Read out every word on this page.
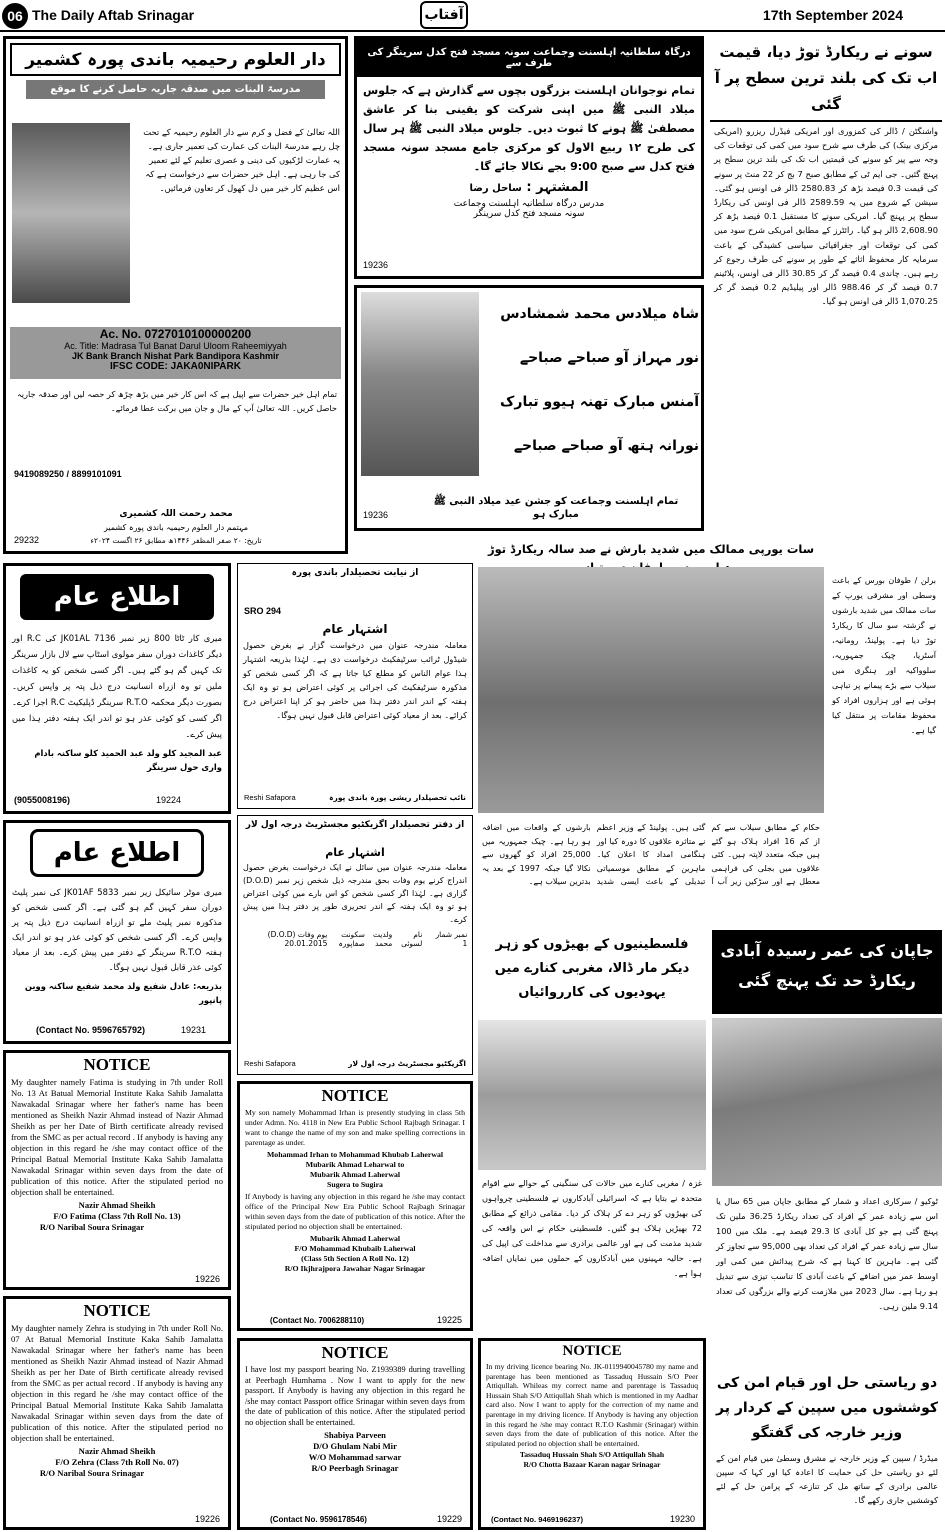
06 The Daily Aftab Srinagar	آفتاب	17th September 2024
دار العلوم رحیمیہ باندی پورہ کشمیر
مدرسۃ البنات میں صدقہ جاریہ حاصل کرنے کا موقع

اللہ تعالیٰ کے فضل و کرم سے دار العلوم رحیمیہ کے تحت چل رہے مدرسۃ البنات کی عمارت کی تعمیر جاری ہے۔ یہ عمارت لڑکیوں کی دینی و عصری تعلیم کے لئے تعمیر کی جا رہی ہے۔ اہل خیر حضرات سے درخواست ہے کہ اس عظیم کار خیر میں دل کھول کر تعاون فرمائیں۔

Ac. No. 0727010100000200
Ac. Title: Madrasa Tul Banat Darul Uloom Raheemiyyah
JK Bank Branch Nishat Park Bandipora Kashmir
IFSC CODE: JAKA0NIPARK

تمام اہل خیر حضرات سے اپیل ہے کہ اس کار خیر میں بڑھ چڑھ کر حصہ لیں اور صدقہ جاریہ حاصل کریں۔ اللہ تعالیٰ آپ کے مال و جان میں برکت عطا فرمائے۔

9419089250 / 8899101091
محمد رحمت اللہ کشمیری
مہتمم دار العلوم رحیمیہ باندی پورہ کشمیر
تاریخ: ۲۰ صفر المظفر ۱۴۴۶ھ مطابق ۲۶ اگست ۲۰۲۴ء
29232
درگاہ سلطانیہ اہلسنت وجماعت سونہ مسجد فتح کدل سرینگر کی طرف سے

تمام نوجوانان اہلسنت بزرگوں بچوں سے گذارش ہے کہ جلوس میلاد النبی ﷺ میں اپنی شرکت کو یقینی بنا کر عاشق مصطفیٰ ﷺ ہونے کا ثبوت دیں۔ جلوس میلاد النبی ﷺ ہر سال کی طرح ۱۲ ربیع الاول کو مرکزی جامع مسجد سونہ مسجد فتح کدل سے صبح 9:00 بجے نکالا جائے گا۔

المشتہر : ساحل رضا
مدرس درگاہ سلطانیہ اہلسنت وجماعت
سونہ مسجد فتح کدل سرینگر
19236
شاہ میلادس محمد شمشادس
نور مہراز آو صباحے صباحے
آمنس مبارک تھنہ ہیوو تبارک
نورانہ ہتھ آو صباحے صباحے
تمام اہلسنت وجماعت کو جشن عید میلاد النبی ﷺ مبارک ہو
19236
سونے نے ریکارڈ توڑ دیا، قیمت اب تک کی بلند ترین سطح پر آ گئی

واشنگٹن / ڈالر کی کمزوری اور امریکی فیڈرل ریزرو (امریکی مرکزی بینک) کی طرف سے شرح سود میں کمی کی توقعات کی وجہ سے پیر کو سونے کی قیمتیں اب تک کی بلند ترین سطح پر پہنچ گئیں۔ جی ایم ٹی کے مطابق صبح 7 بج کر 22 منٹ پر سونے کی قیمت 0.3 فیصد بڑھ کر 2580.83 ڈالر فی اونس ہو گئی۔ سیشن کے شروع میں یہ 2589.59 ڈالر فی اونس کی ریکارڈ سطح پر پہنچ گیا۔ امریکی سونے کا مستقبل 0.1 فیصد بڑھ کر 2,608.90 ڈالر ہو گیا۔ رائٹرز کے مطابق امریکی شرح سود میں کمی کی توقعات اور جغرافیائی سیاسی کشیدگی کے باعث سرمایہ کار محفوظ اثاثے کے طور پر سونے کی طرف رجوع کر رہے ہیں۔ چاندی 0.4 فیصد گر کر 30.85 ڈالر فی اونس، پلاٹینم 0.7 فیصد گر کر 988.46 ڈالر اور پیلیڈیم 0.2 فیصد گر کر 1,070.25 ڈالر فی اونس ہو گیا۔

اطلاع عام

میری کار ٹاٹا 800 زیر نمبر JK01AL 7136 کی R.C اور دیگر کاغذات دوران سفر مولوی اسٹاپ سے لال بازار سرینگر تک کہیں گم ہو گئے ہیں۔ اگر کسی شخص کو یہ کاغذات ملیں تو وہ ازراہ انسانیت درج ذیل پتہ پر واپس کریں۔ بصورت دیگر محکمہ R.T.O سرینگر ڈپلیکیٹ R.C اجرا کرے۔ اگر کسی کو کوئی عذر ہو تو اندر ایک ہفتہ دفتر ہذا میں پیش کرے۔

عبد المجید کلو ولد عبد الحمید کلو ساکنہ بادام واری حول سرینگر

(9055008196)	19224
اطلاع عام

میری موٹر سائیکل زیر نمبر JK01AF 5833 کی نمبر پلیٹ دوران سفر کہیں گم ہو گئی ہے۔ اگر کسی شخص کو مذکورہ نمبر پلیٹ ملے تو ازراہ انسانیت درج ذیل پتہ پر واپس کرے۔ اگر کسی شخص کو کوئی عذر ہو تو اندر ایک ہفتہ R.T.O سرینگر کے دفتر میں پیش کرے۔ بعد از معیاد کوئی عذر قابل قبول نہیں ہوگا۔

بذریعہ: عادل شفیع ولد محمد شفیع ساکنہ ووین پانپور

(Contact No. 9596765792)	19231
از نیابت تحصیلدار باندی پورہ
SRO 294
اشتہار عام

معاملہ مندرجہ عنوان میں درخواست گزار نے بغرض حصول شیڈول ٹرائب سرٹیفکیٹ درخواست دی ہے۔ لہٰذا بذریعہ اشتہار ہذا عوام الناس کو مطلع کیا جاتا ہے کہ اگر کسی شخص کو مذکورہ سرٹیفکیٹ کی اجرائی پر کوئی اعتراض ہو تو وہ ایک ہفتہ کے اندر اندر دفتر ہذا میں حاضر ہو کر اپنا اعتراض درج کرائے۔ بعد از معیاد کوئی اعتراض قابل قبول نہیں ہوگا۔

نائب تحصیلدار ریشی پورہ باندی پورہ
Reshi Safapora
از دفتر تحصیلدار اگزیکٹیو مجسٹریٹ درجہ اول لار
اشتہار عام

معاملہ مندرجہ عنوان میں سائل نے ایک درخواست بغرض حصول اندراج کرنے یوم وفات بحق مندرجہ ذیل شخص زیر نمبر (D.O.D) گزاری ہے۔ لہٰذا اگر کسی شخص کو اس بارے میں کوئی اعتراض ہو تو وہ ایک ہفتہ کے اندر تحریری طور پر دفتر ہذا میں پیش کرے۔

نمبر شمار	نام	ولدیت	سکونت	یوم وفات (D.O.D)
1	لسوئی	محمد	صفاپورہ	20.01.2015
اگزیکٹیو مجسٹریٹ درجہ اول لار
Reshi Safapora
سات یورپی ممالک میں شدید بارش نے صد سالہ ریکارڈ توڑ

برلن / طوفان بورس کے باعث وسطی اور مشرقی یورپ کے سات ممالک میں شدید بارشوں نے گزشتہ سو سال کا ریکارڈ توڑ دیا ہے۔ پولینڈ، رومانیہ، آسٹریا، چیک جمہوریہ، سلوواکیہ اور ہنگری میں سیلاب سے بڑے پیمانے پر تباہی ہوئی ہے اور ہزاروں افراد کو محفوظ مقامات پر منتقل کیا گیا ہے۔

حکام کے مطابق سیلاب سے کم از کم 16 افراد ہلاک ہو گئے ہیں جبکہ متعدد لاپتہ ہیں۔ کئی علاقوں میں بجلی کی فراہمی معطل ہے اور سڑکیں زیر آب آ گئی ہیں۔ پولینڈ کے وزیر اعظم نے متاثرہ علاقوں کا دورہ کیا اور ہنگامی امداد کا اعلان کیا۔ ماہرین کے مطابق موسمیاتی تبدیلی کے باعث ایسی شدید بارشوں کے واقعات میں اضافہ ہو رہا ہے۔ چیک جمہوریہ میں 25,000 افراد کو گھروں سے نکالا گیا جبکہ 1997 کے بعد یہ بدترین سیلاب ہے۔

فلسطینیوں کے بھیڑوں کو زہر دیکر مار ڈالا، مغربی کنارے میں یہودیوں کی کارروائیاں

غزہ / مغربی کنارے میں حالات کی سنگینی کے حوالے سے اقوام متحدہ نے بتایا ہے کہ اسرائیلی آبادکاروں نے فلسطینی چرواہوں کی بھیڑوں کو زہر دے کر ہلاک کر دیا۔ مقامی ذرائع کے مطابق 72 بھیڑیں ہلاک ہو گئیں۔ فلسطینی حکام نے اس واقعہ کی شدید مذمت کی ہے اور عالمی برادری سے مداخلت کی اپیل کی ہے۔ حالیہ مہینوں میں آبادکاروں کے حملوں میں نمایاں اضافہ ہوا ہے۔

جاپان کی عمر رسیدہ آبادی ریکارڈ حد تک پہنچ گئی

ٹوکیو / سرکاری اعداد و شمار کے مطابق جاپان میں 65 سال یا اس سے زیادہ عمر کے افراد کی تعداد ریکارڈ 36.25 ملین تک پہنچ گئی ہے جو کل آبادی کا 29.3 فیصد ہے۔ ملک میں 100 سال سے زیادہ عمر کے افراد کی تعداد بھی 95,000 سے تجاوز کر گئی ہے۔ ماہرین کا کہنا ہے کہ شرح پیدائش میں کمی اور اوسط عمر میں اضافے کے باعث آبادی کا تناسب تیزی سے تبدیل ہو رہا ہے۔ سال 2023 میں ملازمت کرنے والے بزرگوں کی تعداد 9.14 ملین رہی۔

دو ریاستی حل اور قیام امن کی کوششوں میں سپین کے کردار پر وزیر خارجہ کی گفتگو

میڈرڈ / سپین کے وزیر خارجہ نے مشرق وسطیٰ میں قیام امن کے لئے دو ریاستی حل کی حمایت کا اعادہ کیا اور کہا کہ سپین عالمی برادری کے ساتھ مل کر تنازعہ کے پرامن حل کے لئے کوششیں جاری رکھے گا۔

NOTICE

My daughter namely Fatima is studying in 7th under Roll No. 13 At Batual Memorial Institute Kaka Sahib Jamalatta Nawakadal Srinagar where her father's name has been mentioned as Sheikh Nazir Ahmad instead of Nazir Ahmad Sheikh as per her Date of Birth certificate already revised from the SMC as per actual record . If anybody is having any objection in this regard he /she may contact office of the Principal Batual Memorial Institute Kaka Sahib Jamalatta Nawakadal Srinagar within seven days from the date of publication of this notice. After the stipulated period no objection shall be entertained.

Nazir Ahmad Sheikh
F/O Fatima (Class 7th Roll No. 13)
R/O Naribal Soura Srinagar
19226
NOTICE

My daughter namely Zehra is studying in 7th under Roll No. 07 At Batual Memorial Institute Kaka Sahib Jamalatta Nawakadal Srinagar where her father's name has been mentioned as Sheikh Nazir Ahmad instead of Nazir Ahmad Sheikh as per her Date of Birth certificate already revised from the SMC as per actual record . If anybody is having any objection in this regard he /she may contact office of the Principal Batual Memorial Institute Kaka Sahib Jamalatta Nawakadal Srinagar within seven days from the date of publication of this notice. After the stipulated period no objection shall be entertained.

Nazir Ahmad Sheikh
F/O Zehra (Class 7th Roll No. 07)
R/O Naribal Soura Srinagar
19226
NOTICE

My son namely Mohammad Irhan is presently studying in class 5th under Admn. No. 4118 in New Era Public School Rajbagh Srinagar. I want to change the name of my son and make spelling corrections in parentage as under.

Mohammad Irhan to Mohammad Khubab Laherwal
Mubarik Ahmad Leharwal to
Mubarik Ahmad Laherwal
Sugera to Sugira

If Anybody is having any objection in this regard he /she may contact office of the Principal New Era Public School Rajbagh Srinagar within seven days from the date of publication of this notice. After the stipulated period no objection shall be entertained.

Mubarik Ahmad Laherwal
F/O Mohammad Khubaib Laherwal
(Class 5th Section A Roll No. 12)
R/O Ikjhrajpora Jawahar Nagar Srinagar
(Contact No. 7006288110)	19225
NOTICE

I have lost my passport bearing No. Z1939389 during travelling at Peerbagh Humhama . Now I want to apply for the new passport. If Anybody is having any objection in this regard he /she may contact Passport office Srinagar within seven days from the date of publication of this notice. After the stipulated period no objection shall be entertained.

Shabiya Parveen
D/O Ghulam Nabi Mir
W/O Mohammad sarwar
R/O Peerbagh Srinagar
(Contact No. 9596178546)	19229
NOTICE

In my driving licence bearing No. JK-0119940045780 my name and parentage has been mentioned as Tassaduq Hussain S/O Peer Attiqullah. Whileas my correct name and parentage is Tassaduq Hussain Shah S/O Attiqullah Shah which is mentioned in my Aadhar card also. Now I want to apply for the correction of my name and parentage in my driving licence. If Anybody is having any objection in this regard he /she may contact R.T.O Kashmir (Srinagar) within seven days from the date of publication of this notice. After the stipulated period no objection shall be entertained.

Tassaduq Hussain Shah S/O Attiqullah Shah
R/O Chotta Bazaar Karan nagar Srinagar
(Contact No. 9469196237)	19230
